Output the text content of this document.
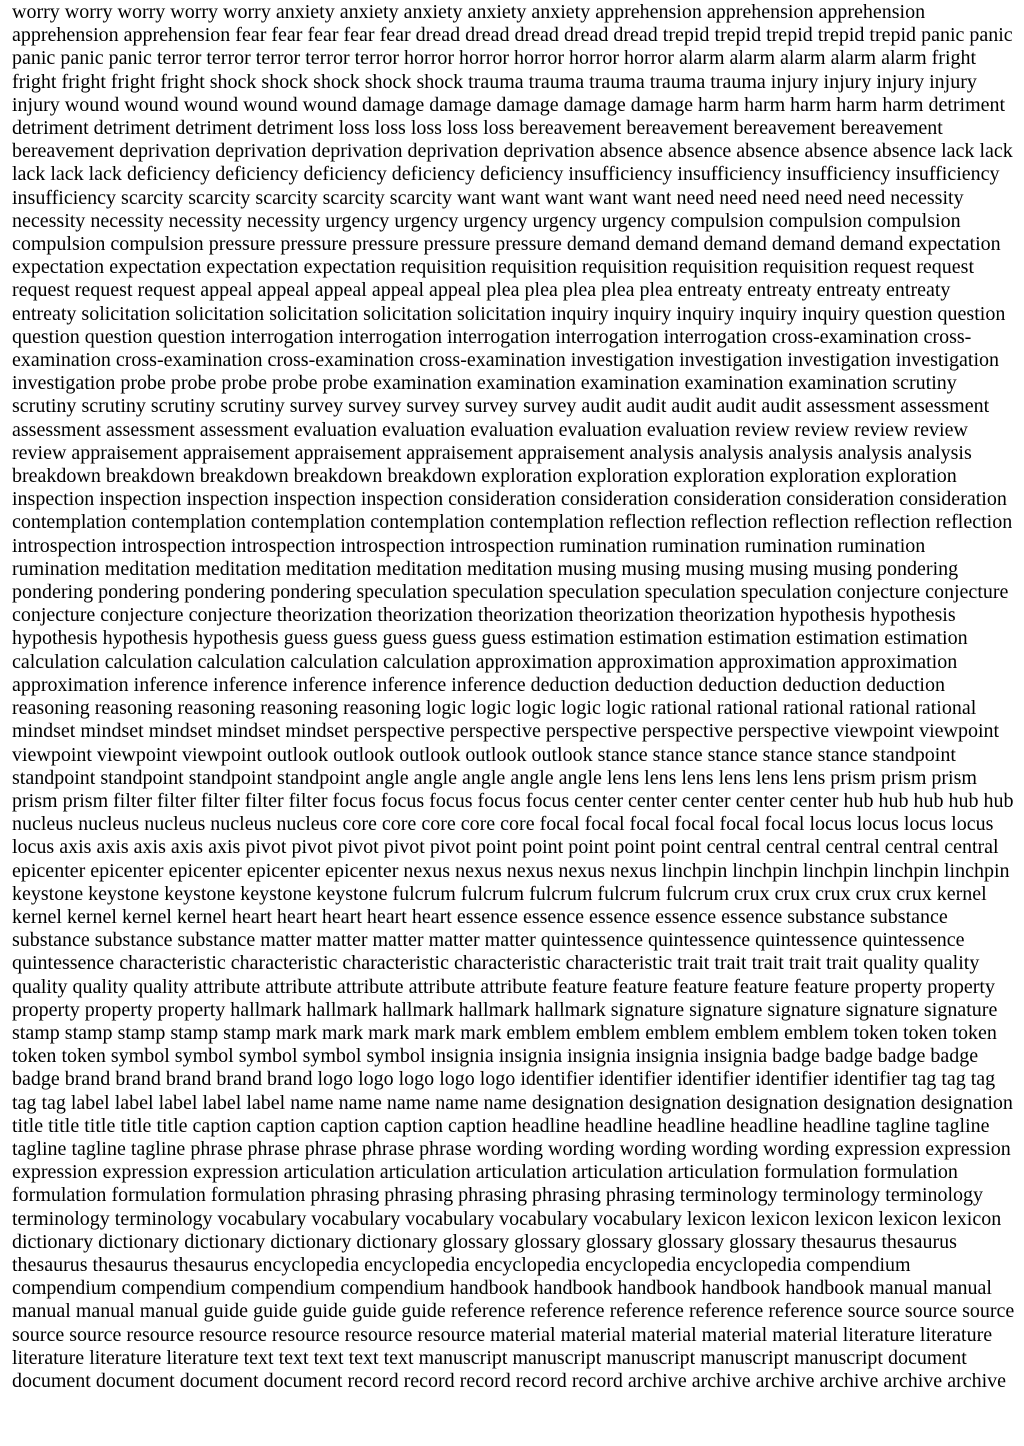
worry worry worry worry worry anxiety anxiety anxiety anxiety anxiety apprehension apprehension apprehension apprehension apprehension fear fear fear fear fear dread dread dread dread dread trepid trepid trepid trepid trepid panic panic panic panic panic terror terror terror terror terror horror horror horror horror horror alarm alarm alarm alarm alarm fright fright fright fright fright shock shock shock shock shock trauma trauma trauma trauma trauma injury injury injury injury injury wound wound wound wound wound damage damage damage damage damage harm harm harm harm harm detriment detriment detriment detriment detriment loss loss loss loss loss bereavement bereavement bereavement bereavement bereavement deprivation deprivation deprivation deprivation deprivation absence absence absence absence absence lack lack lack lack lack deficiency deficiency deficiency deficiency deficiency insufficiency insufficiency insufficiency insufficiency insufficiency scarcity scarcity scarcity scarcity scarcity want want want want want need need need need need necessity necessity necessity necessity necessity urgency urgency urgency urgency urgency compulsion compulsion compulsion compulsion compulsion pressure pressure pressure pressure pressure demand demand demand demand demand expectation expectation expectation expectation expectation requisition requisition requisition requisition requisition request request request request request appeal appeal appeal appeal appeal plea plea plea plea plea entreaty entreaty entreaty entreaty entreaty solicitation solicitation solicitation solicitation solicitation inquiry inquiry inquiry inquiry inquiry question question question question question interrogation interrogation interrogation interrogation interrogation cross-examination cross-examination cross-examination cross-examination cross-examination investigation investigation investigation investigation investigation probe probe probe probe probe examination examination examination examination examination scrutiny scrutiny scrutiny scrutiny scrutiny survey survey survey survey survey audit audit audit audit audit assessment assessment assessment assessment assessment evaluation evaluation evaluation evaluation evaluation review review review review review appraisement appraisement appraisement appraisement appraisement analysis analysis analysis analysis analysis breakdown breakdown breakdown breakdown breakdown exploration exploration exploration exploration exploration inspection inspection inspection inspection inspection consideration consideration consideration consideration consideration contemplation contemplation contemplation contemplation contemplation reflection reflection reflection reflection reflection introspection introspection introspection introspection introspection rumination rumination rumination rumination rumination meditation meditation meditation meditation meditation musing musing musing musing musing pondering pondering pondering pondering pondering speculation speculation speculation speculation speculation conjecture conjecture conjecture conjecture conjecture theorization theorization theorization theorization theorization hypothesis hypothesis hypothesis hypothesis hypothesis guess guess guess guess guess estimation estimation estimation estimation estimation calculation calculation calculation calculation calculation approximation approximation approximation approximation approximation inference inference inference inference inference deduction deduction deduction deduction deduction reasoning reasoning reasoning reasoning reasoning logic logic logic logic logic rational rational rational rational rational mindset mindset mindset mindset mindset perspective perspective perspective perspective perspective viewpoint viewpoint viewpoint viewpoint viewpoint outlook outlook outlook outlook outlook stance stance stance stance stance standpoint standpoint standpoint standpoint standpoint angle angle angle angle angle lens lens lens lens lens lens prism prism prism prism prism filter filter filter filter filter focus focus focus focus focus center center center center center hub hub hub hub hub nucleus nucleus nucleus nucleus nucleus core core core core core focal focal focal focal focal focal locus locus locus locus locus axis axis axis axis axis pivot pivot pivot pivot pivot point point point point point central central central central central epicenter epicenter epicenter epicenter epicenter nexus nexus nexus nexus nexus linchpin linchpin linchpin linchpin linchpin keystone keystone keystone keystone keystone fulcrum fulcrum fulcrum fulcrum fulcrum crux crux crux crux crux kernel kernel kernel kernel kernel heart heart heart heart heart essence essence essence essence essence substance substance substance substance substance matter matter matter matter matter quintessence quintessence quintessence quintessence quintessence characteristic characteristic characteristic characteristic characteristic trait trait trait trait trait quality quality quality quality quality attribute attribute attribute attribute attribute feature feature feature feature feature property property property property property hallmark hallmark hallmark hallmark hallmark signature signature signature signature signature stamp stamp stamp stamp stamp mark mark mark mark mark emblem emblem emblem emblem emblem token token token token token symbol symbol symbol symbol symbol insignia insignia insignia insignia insignia badge badge badge badge badge brand brand brand brand brand logo logo logo logo logo identifier identifier identifier identifier identifier tag tag tag tag tag label label label label label name name name name name designation designation designation designation designation title title title title title caption caption caption caption caption headline headline headline headline headline tagline tagline tagline tagline tagline phrase phrase phrase phrase phrase wording wording wording wording wording expression expression expression expression expression articulation articulation articulation articulation articulation formulation formulation formulation formulation formulation phrasing phrasing phrasing phrasing phrasing terminology terminology terminology terminology terminology vocabulary vocabulary vocabulary vocabulary vocabulary lexicon lexicon lexicon lexicon lexicon dictionary dictionary dictionary dictionary dictionary glossary glossary glossary glossary glossary thesaurus thesaurus thesaurus thesaurus thesaurus encyclopedia encyclopedia encyclopedia encyclopedia encyclopedia compendium compendium compendium compendium compendium handbook handbook handbook handbook handbook manual manual manual manual manual guide guide guide guide guide reference reference reference reference reference source source source source source resource resource resource resource resource material material material material material literature literature literature literature literature text text text text text manuscript manuscript manuscript manuscript manuscript document document document document document record record record record record archive archive archive archive archive archive
